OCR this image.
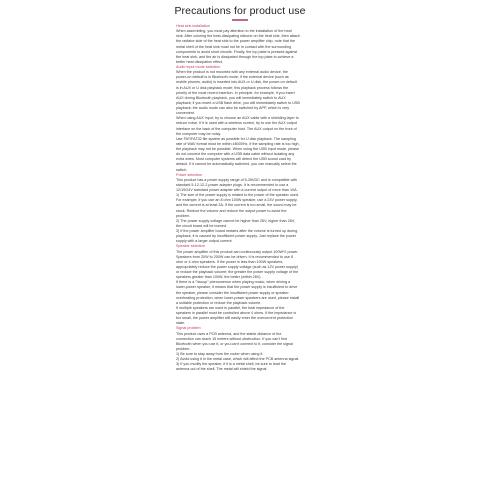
Precautions for product use

Heat sink installation

When assembling, you must pay attention to the installation of the heat sink. After coloring the heat-dissipating silicone on the heat sink, then attach the radiator side of the heat sink to the power amplifier chip, note that the metal shell of the heat sink must not be in contact with the surrounding components to avoid short circuits. Finally, the top plate is pressed against the heat sink, and the air is dissipated through the top plate to achieve a better heat dissipation effect.

Audio input mode selection

When the product is not mounted with any external audio device, the power-on default is in Bluetooth mode; if the external device (such as mobile phones, audio) is inserted into AUX or U disk, the power-on default is in AUX or U disk playback mode; this playback process follows the priority of the most recent insertion. In principle, for example, if you insert AUX during Bluetooth playback, you will immediately switch to AUX playback; if you insert a USB flash drive, you will immediately switch to USB playback; the audio mode can also be switched by APP, which is very convenient.

When using AUX input, try to choose an AUX cable with a shielding layer to reduce noise. If it is used with a wireless control, try to use the AUX output interface on the back of the computer host. The AUX output on the front of the computer may be noisy.

Use FAT/FAT32 file system as possible for U disk playback. The sampling rate of WAV format must be within 48000Hz. If the sampling rate is too high, the playback may not be possible. When using the USB input mode, please do not connect the computer with a USB data cable without isolating any extra wires. Most computer systems will detect the USB sound card by default. If it cannot be automatically switched, you can manually select the switch.

Power selection

This product has a power supply range of 5-26VDC and is compatible with standard 5-12-12-2 power adapter plugs. It is recommended to use a 12/19/24V standard power adapter with a current output of more than 10A.

1) The size of the power supply is related to the power of the speaker used. For example, if you use an 8 ohm 100W speaker, use a 24V power supply, and the current is at least 3A. If the current is too small, the sound may be stuck. Reduce the volume and reduce the output power to avoid the problem.

2) The power supply voltage cannot be higher than 26V, higher than 26V, the circuit board will be burned.

3) If the power amplifier board restarts after the volume is turned up during playback, it is caused by insufficient power supply. Just replace the power supply with a larger output current.

Speaker selection

The power amplifier of this product can continuously output 100W*2 power. Speakers from 20W to 200W can be driven. It is recommended to use 8 ohm or 4 ohm speakers. If the power is less than 100W speakers, appropriately reduce the power supply voltage (such as 12V power supply) or reduce the playback volume; the greater the power supply voltage of the speakers greater than 100W, the better (within 26V).

If there is a "hiccup" phenomenon when playing music, when driving a lower-power speaker, it means that the power supply is insufficient to drive the speaker, please consider the insufficient power supply or speaker overheating protection, when lower-power speakers are used, please install a suitable protection or reduce the playback volume.

If multiple speakers are used in parallel, the total impedance of the speakers in parallel must be controlled above 4 ohms. If the impedance is too small, the power amplifier will easily enter the overcurrent protection state.

Signal problem

This product uses a PCB antenna, and the stable distance of the connection can reach 15 meters without obstruction. If you can't find Bluetooth when you use it, or you can't connect to it, consider the signal problem.

1) Be sure to stay away from the router when using it.

2) Avoid using it in the metal case, which will affect the PCB antenna signal.

3) If you modify the speaker, if it is a metal shell, be sure to lead the antenna out of the shell. The metal will shield the signal.
